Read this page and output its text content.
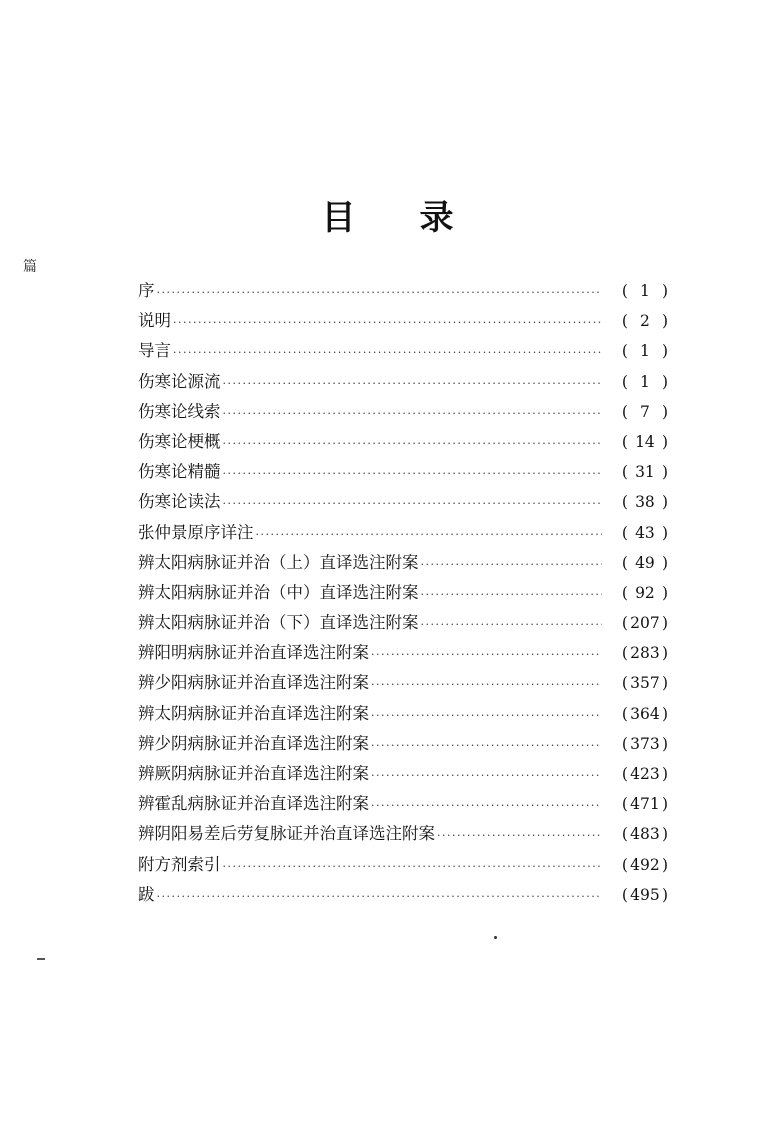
目 录
篇
序 ·····	( 1 )
说明 ·····	( 2 )
导言 ·····	( 1 )
伤寒论源流 ·····	( 1 )
伤寒论线索 ·····	( 7 )
伤寒论梗概 ·····	( 14 )
伤寒论精髓 ·····	( 31 )
伤寒论读法 ·····	( 38 )
张仲景原序详注 ·····	( 43 )
辨太阳病脉证并治（上）直译选注附案 ·····	( 49 )
辨太阳病脉证并治（中）直译选注附案 ·····	( 92 )
辨太阳病脉证并治（下）直译选注附案 ·····	( 207 )
辨阳明病脉证并治直译选注附案 ·····	( 283 )
辨少阳病脉证并治直译选注附案 ·····	( 357 )
辨太阴病脉证并治直译选注附案 ·····	( 364 )
辨少阴病脉证并治直译选注附案 ·····	( 373 )
辨厥阴病脉证并治直译选注附案 ·····	( 423 )
辨霍乱病脉证并治直译选注附案 ·····	( 471 )
辨阴阳易差后劳复脉证并治直译选注附案 ·····	( 483 )
附方剂索引 ·····	( 492 )
跋 ·····	( 495 )
